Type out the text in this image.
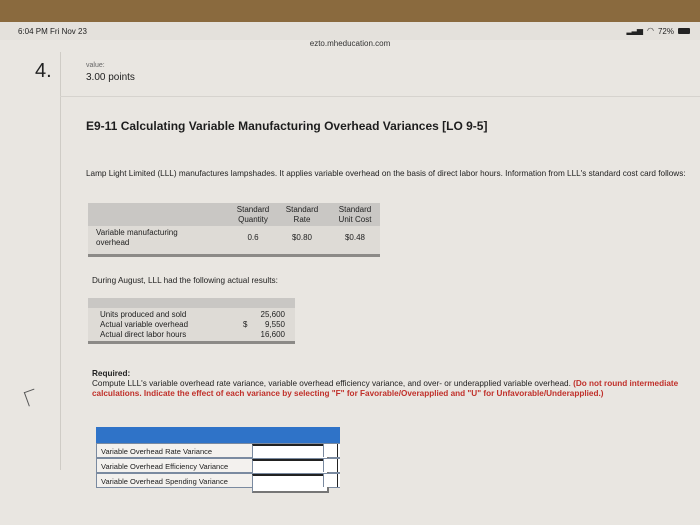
6:04 PM Fri Nov 23
ezto.mheducation.com
▂▃▅ ◠ 72%
4.	value:
3.00 points
E9-11 Calculating Variable Manufacturing Overhead Variances [LO 9-5]
Lamp Light Limited (LLL) manufactures lampshades. It applies variable overhead on the basis of direct labor hours. Information from LLL's standard cost card follows:
Standard
Quantity
Standard
Rate
Standard
Unit Cost
Variable manufacturing
overhead
0.6	$0.80	$0.48
During August, LLL had the following actual results:
Units produced and sold	25,600
Actual variable overhead	$ 9,550
Actual direct labor hours	16,600
Required:
Compute LLL's variable overhead rate variance, variable overhead efficiency variance, and over- or underapplied variable overhead. (Do not round intermediate calculations. Indicate the effect of each variance by selecting "F" for Favorable/Overapplied and "U" for Unfavorable/Underapplied.)
Variable Overhead Rate Variance
Variable Overhead Efficiency Variance
Variable Overhead Spending Variance
